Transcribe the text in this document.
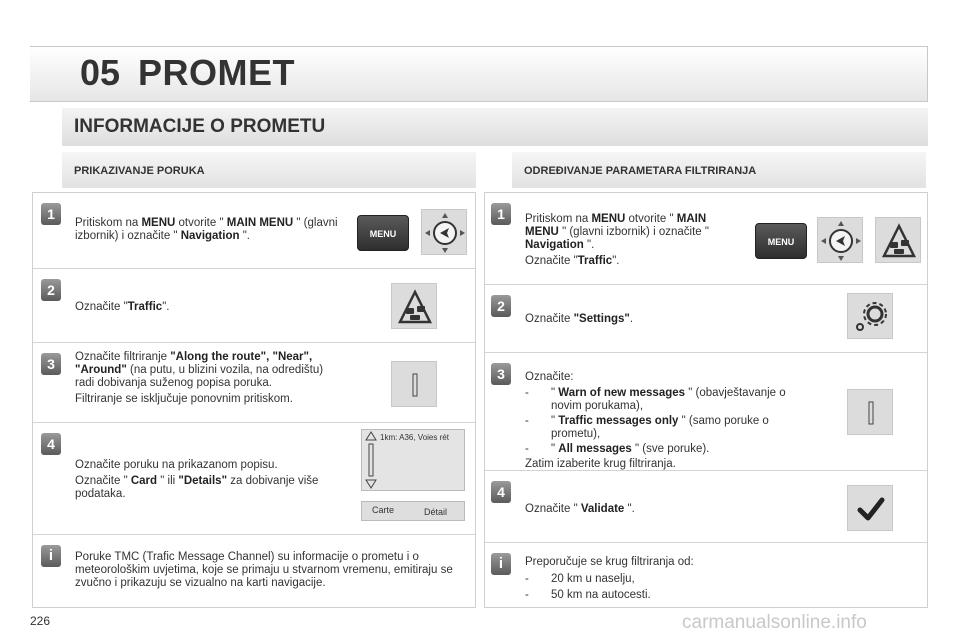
05 PROMET
INFORMACIJE O PROMETU
PRIKAZIVANJE PORUKA
1
Pritiskom na MENU otvorite " MAIN MENU " (glavni izbornik) i označite " Navigation ".	MENU
2
Označite "Traffic".
3	Označite filtriranje "Along the route", "Near", "Around" (na putu, u blizini vozila, na odredištu) radi dobivanja suženog popisa poruka.

Filtriranje se isključuje ponovnim pritiskom.

4

Označite poruku na prikazanom popisu.

Označite " Card " ili "Details" za dobivanje više podataka.

1km: A36, Voies rét
Carte	Détail
i	Poruke TMC (Trafic Message Channel) su informacije o prometu i o meteorološkim uvjetima, koje se primaju u stvarnom vremenu, emitiraju se zvučno i prikazuju se vizualno na karti navigacije.
ODREĐIVANJE PARAMETARA FILTRIRANJA
1	Pritiskom na MENU otvorite " MAIN MENU " (glavni izbornik) i označite " Navigation ".

Označite "Traffic".

MENU
2
Označite "Settings".
3	Označite:

- " Warn of new messages " (obavještavanje o novim porukama),
- " Traffic messages only " (samo poruke o prometu),
- " All messages " (sve poruke).

Zatim izaberite krug filtriranja.

4
Označite " Validate ".
i	Preporučuje se krug filtriranja od:

- 20 km u naselju,
- 50 km na autocesti.
226	carmanualsonline.info
